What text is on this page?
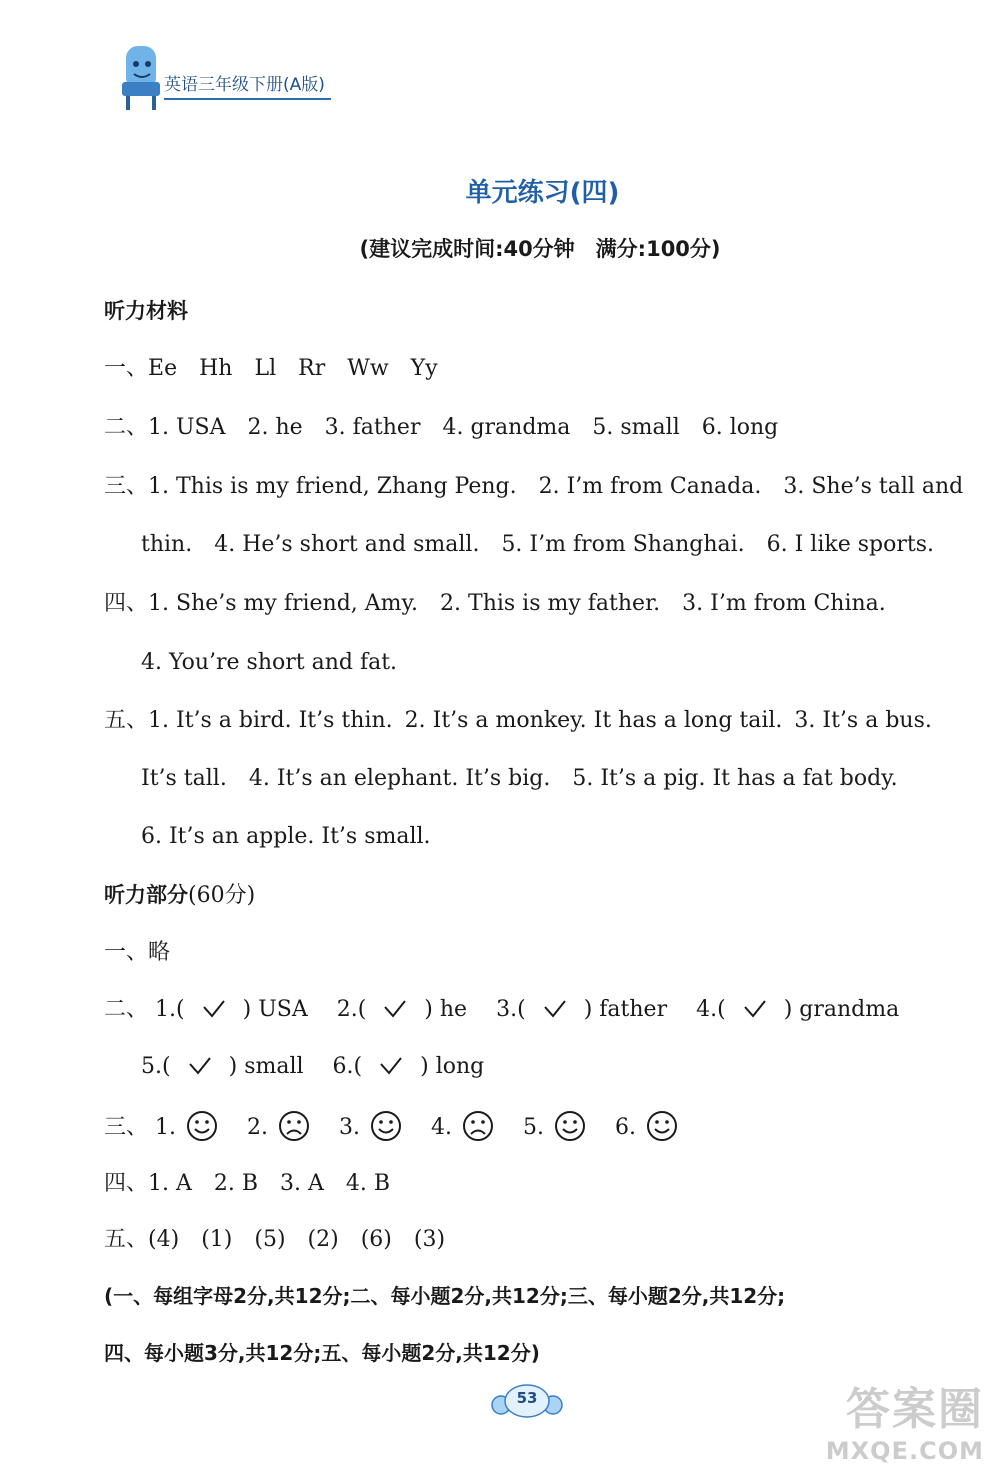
英语三年级下册(A版)
单元练习(四)
(建议完成时间:40分钟　满分:100分)
听力材料
一、Ee Hh Ll Rr Ww Yy
二、1. USA 2. he 3. father 4. grandma 5. small 6. long
三、1. This is my friend, Zhang Peng. 2. I’m from Canada. 3. She’s tall and
thin. 4. He’s short and small. 5. I’m from Shanghai. 6. I like sports.
四、1. She’s my friend, Amy. 2. This is my father. 3. I’m from China.
4. You’re short and fat.
五、1. It’s a bird. It’s thin. 2. It’s a monkey. It has a long tail. 3. It’s a bus.
It’s tall. 4. It’s an elephant. It’s big. 5. It’s a pig. It has a fat body.
6. It’s an apple. It’s small.
听力部分(60分)
一、略
二、 1.(	) USA 2.(	) he 3.(	) father 4.(	) grandma
5.(	) small 6.(	) long
三、 1.	2.	3.	4.	5.	6.
四、1. A 2. B 3. A 4. B
五、(4) (1) (5) (2) (6) (3)
(一、每组字母2分,共12分;二、每小题2分,共12分;三、每小题2分,共12分;
四、每小题3分,共12分;五、每小题2分,共12分)
53	答案圈
MXQE.COM
